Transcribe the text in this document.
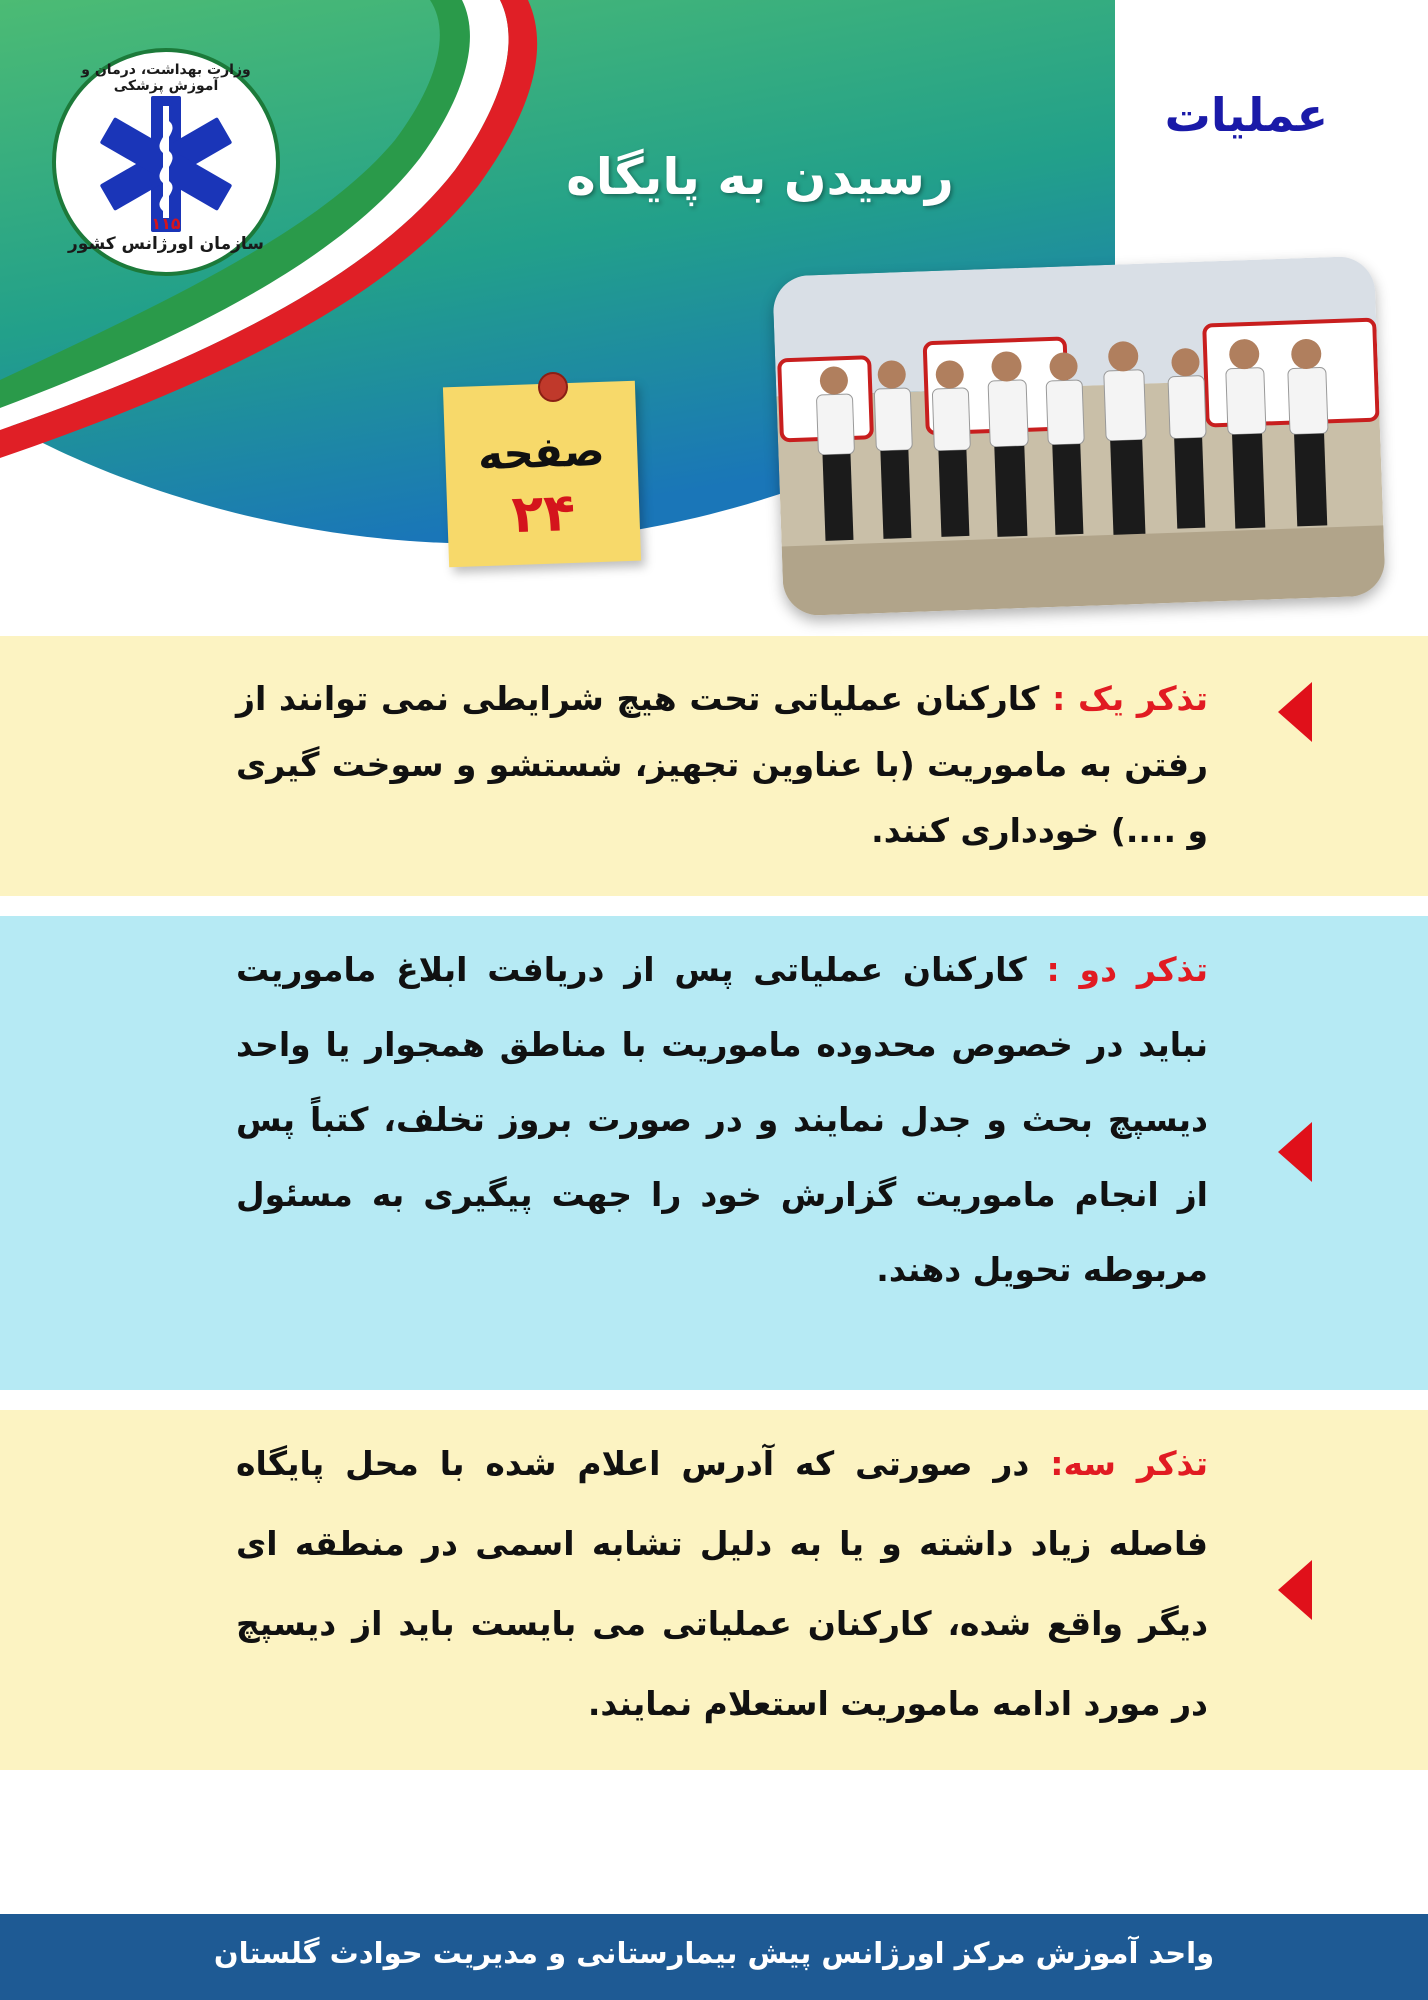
وزارت بهداشت، درمان و آموزش پزشکی
۱۱۵
سازمان اورژانس کشور
عملیات
رسیدن به پایگاه
صفحه
۲۴
تذکر یک : کارکنان عملیاتی تحت هیچ شرایطی نمی توانند از رفتن به ماموریت (با عناوین تجهیز، شستشو و سوخت گیری و ....) خودداری کنند.
تذکر دو : کارکنان عملیاتی پس از دریافت ابلاغ ماموریت نباید در خصوص محدوده ماموریت با مناطق همجوار یا واحد دیسپچ بحث و جدل نمایند و در صورت بروز تخلف، کتباً پس از انجام ماموریت گزارش خود را جهت پیگیری به مسئول مربوطه تحویل دهند.
تذکر سه: در صورتی که آدرس اعلام شده با محل پایگاه فاصله زیاد داشته و یا به دلیل تشابه اسمی در منطقه ای دیگر واقع شده، کارکنان عملیاتی می بایست باید از دیسپچ در مورد ادامه ماموریت استعلام نمایند.
واحد آموزش مرکز اورژانس پیش بیمارستانی و مدیریت حوادث گلستان
